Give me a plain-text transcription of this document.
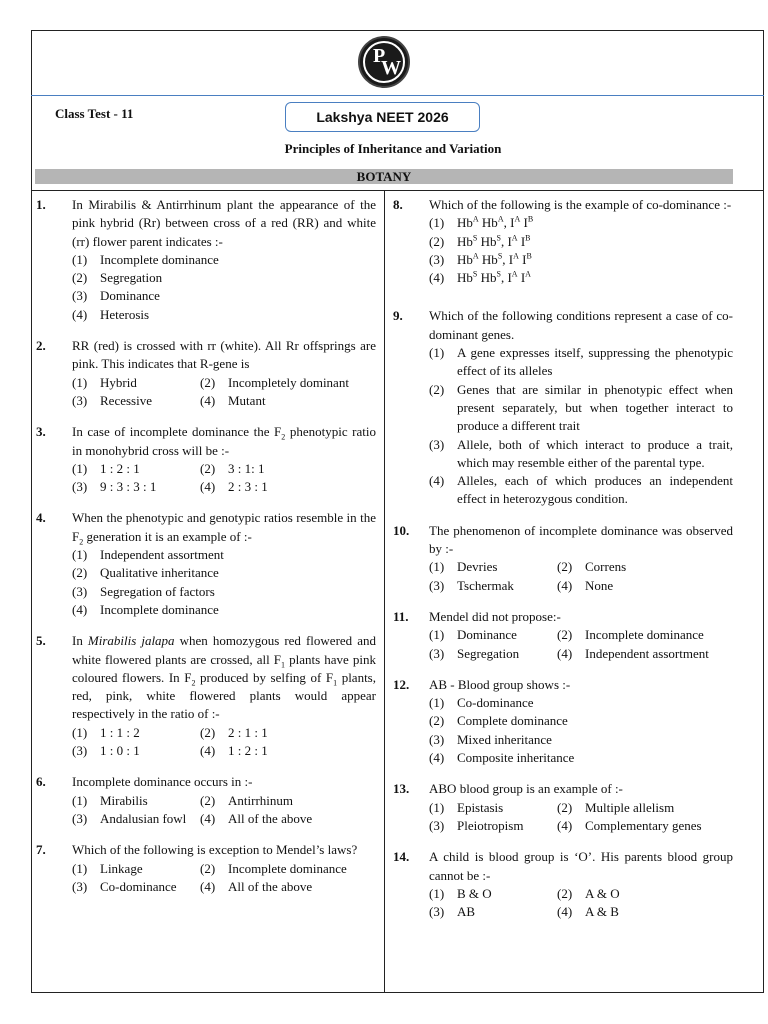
P
W
Class Test - 11	Lakshya NEET 2026
Principles of Inheritance and Variation
BOTANY
1.	In Mirabilis & Antirrhinum plant the appearance of the pink hybrid (Rr) between cross of a red (RR) and white (rr) flower parent indicates :-
(1) Incomplete dominance
(2) Segregation
(3) Dominance
(4) Heterosis
2.	RR (red) is crossed with rr (white). All Rr offsprings are pink. This indicates that R-gene is
(1) Hybrid	(2) Incompletely dominant
(3) Recessive	(4) Mutant
3.	In case of incomplete dominance the $F_2$ phenotypic ratio in monohybrid cross will be :-
(1) 1 : 2 : 1	(2) 3 : 1: 1
(3) 9 : 3 : 3 : 1	(4) 2 : 3 : 1
4.	When the phenotypic and genotypic ratios resemble in the $F_2$ generation it is an example of :-
(1) Independent assortment
(2) Qualitative inheritance
(3) Segregation of factors
(4) Incomplete dominance
5.	In Mirabilis jalapa when homozygous red flowered and white flowered plants are crossed, all $F_1$ plants have pink coloured flowers. In $F_2$ produced by selfing of $F_1$ plants, red, pink, white flowered plants would appear respectively in the ratio of :-
(1) 1 : 1 : 2	(2) 2 : 1 : 1
(3) 1 : 0 : 1	(4) 1 : 2 : 1
6.	Incomplete dominance occurs in :-
(1) Mirabilis	(2) Antirrhinum
(3) Andalusian fowl	(4) All of the above
7.	Which of the following is exception to Mendel’s laws?
(1) Linkage	(2) Incomplete dominance
(3) Co-dominance	(4) All of the above
8.	Which of the following is the example of co-dominance :-
(1) $Hb^A$ $Hb^A$, $I^A$ $I^B$
(2) $Hb^S$ $Hb^S$, $I^A$ $I^B$
(3) $Hb^A$ $Hb^S$, $I^A$ $I^B$
(4) $Hb^S$ $Hb^S$, $I^A$ $I^A$
9.	Which of the following conditions represent a case of co-dominant genes.
(1) A gene expresses itself, suppressing the phenotypic effect of its alleles
(2) Genes that are similar in phenotypic effect when present separately, but when together interact to produce a different trait
(3) Allele, both of which interact to produce a trait, which may resemble either of the parental type.
(4) Alleles, each of which produces an independent effect in heterozygous condition.
10.	The phenomenon of incomplete dominance was observed by :-
(1) Devries	(2) Correns
(3) Tschermak	(4) None
11.	Mendel did not propose:-
(1) Dominance	(2) Incomplete dominance
(3) Segregation	(4) Independent assortment
12.	AB - Blood group shows :-
(1) Co-dominance
(2) Complete dominance
(3) Mixed inheritance
(4) Composite inheritance
13.	ABO blood group is an example of :-
(1) Epistasis	(2) Multiple allelism
(3) Pleiotropism	(4) Complementary genes
14.	A child is blood group is ‘O’. His parents blood group cannot be :-
(1) B & O	(2) A & O
(3) AB	(4) A & B
